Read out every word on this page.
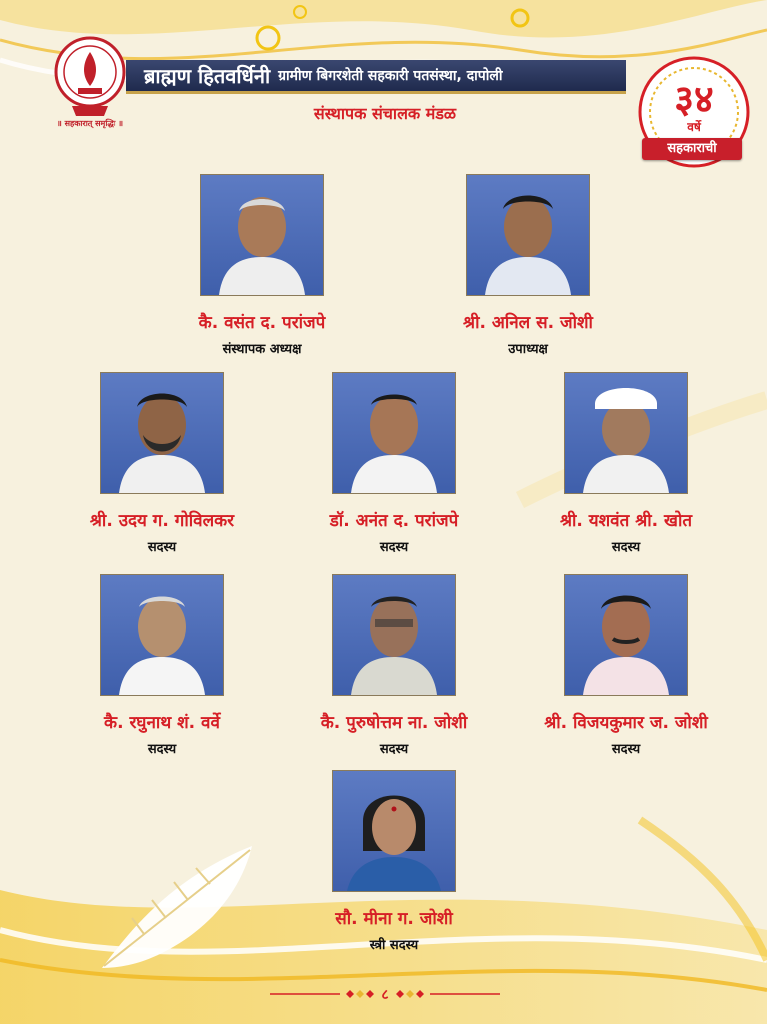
॥ सहकारात् समृद्धिः ॥
ब्राह्मण हितवर्धिनी ग्रामीण बिगरशेती सहकारी पतसंस्था, दापोली
संस्थापक संचालक मंडळ	३४
वर्षे
सहकाराची
कै. वसंत द. परांजपे
संस्थापक अध्यक्ष
श्री. अनिल स. जोशी
उपाध्यक्ष
श्री. उदय ग. गोविलकर
सदस्य
डॉ. अनंत द. परांजपे
सदस्य
श्री. यशवंत श्री. खोत
सदस्य
कै. रघुनाथ शं. वर्वे
सदस्य
कै. पुरुषोत्तम ना. जोशी
सदस्य
श्री. विजयकुमार ज. जोशी
सदस्य
सौ. मीना ग. जोशी
स्त्री सदस्य
८
